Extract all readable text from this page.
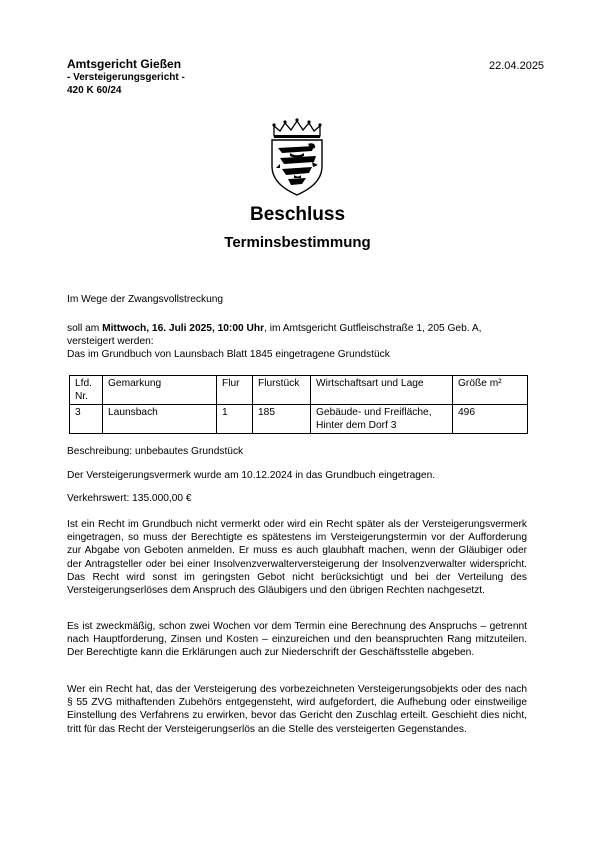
Amtsgericht Gießen
- Versteigerungsgericht -
420 K 60/24
22.04.2025
Beschluss
Terminsbestimmung
Im Wege der Zwangsvollstreckung
soll am Mittwoch, 16. Juli 2025, 10:00 Uhr, im Amtsgericht Gutfleischstraße 1, 205 Geb. A,
versteigert werden:
Das im Grundbuch von Launsbach Blatt 1845 eingetragene Grundstück
Lfd. Nr.	Gemarkung	Flur	Flurstück	Wirtschaftsart und Lage	Größe m²
3	Launsbach	1	185	Gebäude- und Freifläche, Hinter dem Dorf 3	496
Beschreibung: unbebautes Grundstück
Der Versteigerungsvermerk wurde am 10.12.2024 in das Grundbuch eingetragen.
Verkehrswert: 135.000,00 €
Ist ein Recht im Grundbuch nicht vermerkt oder wird ein Recht später als der Versteigerungsvermerk eingetragen, so muss der Berechtigte es spätestens im Versteigerungstermin vor der Aufforderung zur Abgabe von Geboten anmelden. Er muss es auch glaubhaft machen, wenn der Gläubiger oder der Antragsteller oder bei einer Insolvenzverwalterversteigerung der Insolvenzverwalter widerspricht. Das Recht wird sonst im geringsten Gebot nicht berücksichtigt und bei der Verteilung des Versteigerungserlöses dem Anspruch des Gläubigers und den übrigen Rechten nachgesetzt.
Es ist zweckmäßig, schon zwei Wochen vor dem Termin eine Berechnung des Anspruchs – getrennt nach Hauptforderung, Zinsen und Kosten – einzureichen und den beanspruchten Rang mitzuteilen. Der Berechtigte kann die Erklärungen auch zur Niederschrift der Geschäftsstelle abgeben.
Wer ein Recht hat, das der Versteigerung des vorbezeichneten Versteigerungsobjekts oder des nach § 55 ZVG mithaftenden Zubehörs entgegensteht, wird aufgefordert, die Aufhebung oder einstweilige Einstellung des Verfahrens zu erwirken, bevor das Gericht den Zuschlag erteilt. Geschieht dies nicht, tritt für das Recht der Versteigerungserlös an die Stelle des versteigerten Gegenstandes.
